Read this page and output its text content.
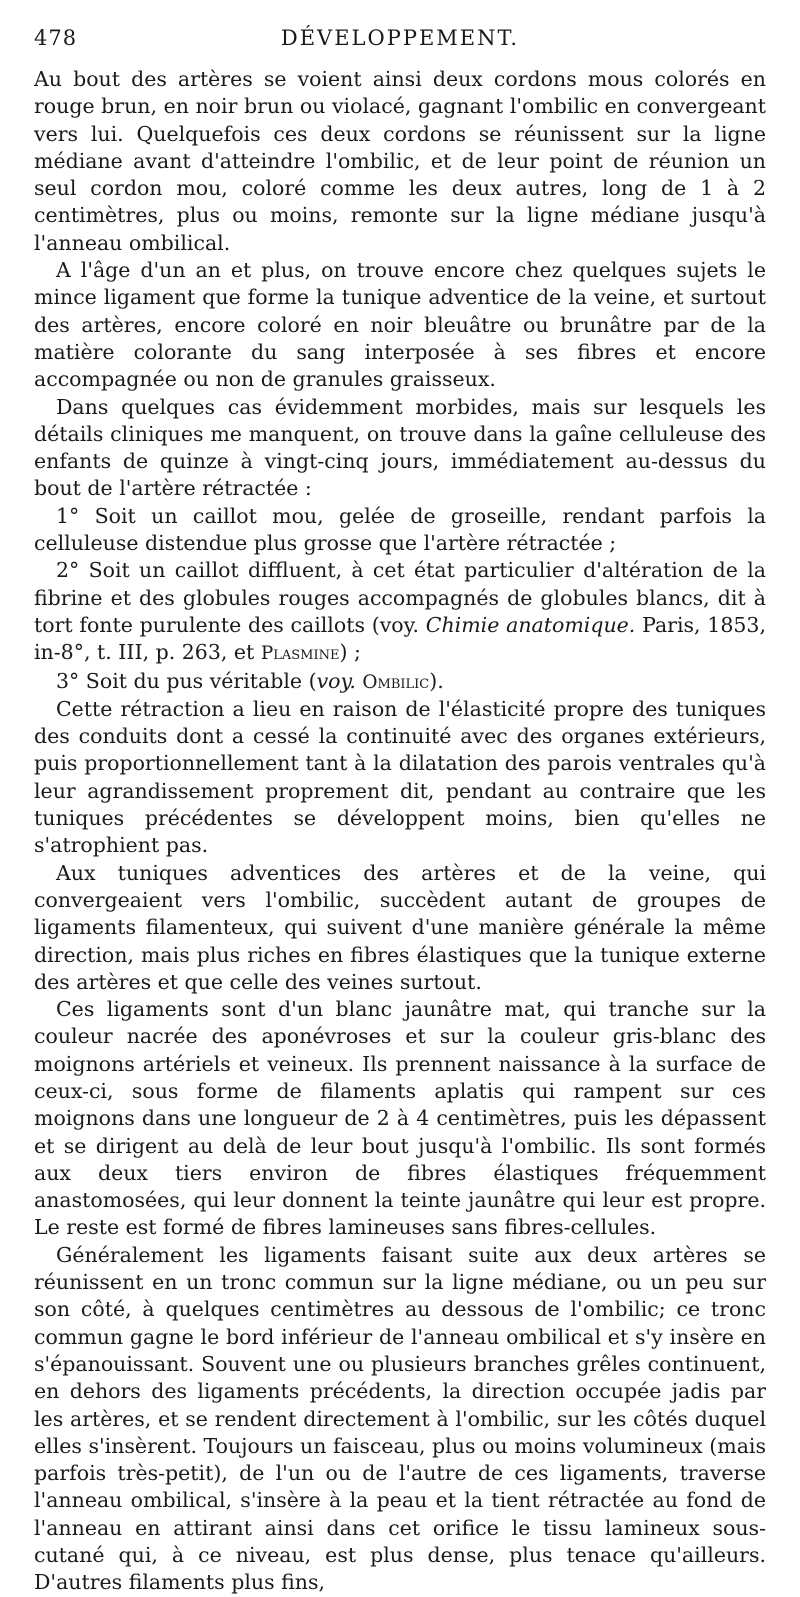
478	DÉVELOPPEMENT.

Au bout des artères se voient ainsi deux cordons mous colorés en rouge brun, en noir brun ou violacé, gagnant l'ombilic en convergeant vers lui. Quelquefois ces deux cordons se réunissent sur la ligne médiane avant d'atteindre l'ombilic, et de leur point de réunion un seul cordon mou, coloré comme les deux autres, long de 1 à 2 centimètres, plus ou moins, remonte sur la ligne médiane jusqu'à l'anneau ombilical.

A l'âge d'un an et plus, on trouve encore chez quelques sujets le mince ligament que forme la tunique adventice de la veine, et surtout des artères, encore coloré en noir bleuâtre ou brunâtre par de la matière colorante du sang interposée à ses fibres et encore accompagnée ou non de granules graisseux.

Dans quelques cas évidemment morbides, mais sur lesquels les détails cliniques me manquent, on trouve dans la gaîne celluleuse des enfants de quinze à vingt-cinq jours, immédiatement au-dessus du bout de l'artère rétractée :

1° Soit un caillot mou, gelée de groseille, rendant parfois la celluleuse distendue plus grosse que l'artère rétractée ;

2° Soit un caillot diffluent, à cet état particulier d'altération de la fibrine et des globules rouges accompagnés de globules blancs, dit à tort fonte purulente des caillots (voy. Chimie anatomique. Paris, 1853, in-8°, t. III, p. 263, et Plasmine) ;

3° Soit du pus véritable (voy. Ombilic).

Cette rétraction a lieu en raison de l'élasticité propre des tuniques des conduits dont a cessé la continuité avec des organes extérieurs, puis proportionnellement tant à la dilatation des parois ventrales qu'à leur agrandissement proprement dit, pendant au contraire que les tuniques précédentes se développent moins, bien qu'elles ne s'atrophient pas.

Aux tuniques adventices des artères et de la veine, qui convergeaient vers l'ombilic, succèdent autant de groupes de ligaments filamenteux, qui suivent d'une manière générale la même direction, mais plus riches en fibres élastiques que la tunique externe des artères et que celle des veines surtout.

Ces ligaments sont d'un blanc jaunâtre mat, qui tranche sur la couleur nacrée des aponévroses et sur la couleur gris-blanc des moignons artériels et veineux. Ils prennent naissance à la surface de ceux-ci, sous forme de filaments aplatis qui rampent sur ces moignons dans une longueur de 2 à 4 centimètres, puis les dépassent et se dirigent au delà de leur bout jusqu'à l'ombilic. Ils sont formés aux deux tiers environ de fibres élastiques fréquemment anastomosées, qui leur donnent la teinte jaunâtre qui leur est propre. Le reste est formé de fibres lamineuses sans fibres-cellules.

Généralement les ligaments faisant suite aux deux artères se réunissent en un tronc commun sur la ligne médiane, ou un peu sur son côté, à quelques centimètres au dessous de l'ombilic; ce tronc commun gagne le bord inférieur de l'anneau ombilical et s'y insère en s'épanouissant. Souvent une ou plusieurs branches grêles continuent, en dehors des ligaments précédents, la direction occupée jadis par les artères, et se rendent directement à l'ombilic, sur les côtés duquel elles s'insèrent. Toujours un faisceau, plus ou moins volumineux (mais parfois très-petit), de l'un ou de l'autre de ces ligaments, traverse l'anneau ombilical, s'insère à la peau et la tient rétractée au fond de l'anneau en attirant ainsi dans cet orifice le tissu lamineux sous-cutané qui, à ce niveau, est plus dense, plus tenace qu'ailleurs. D'autres filaments plus fins,
